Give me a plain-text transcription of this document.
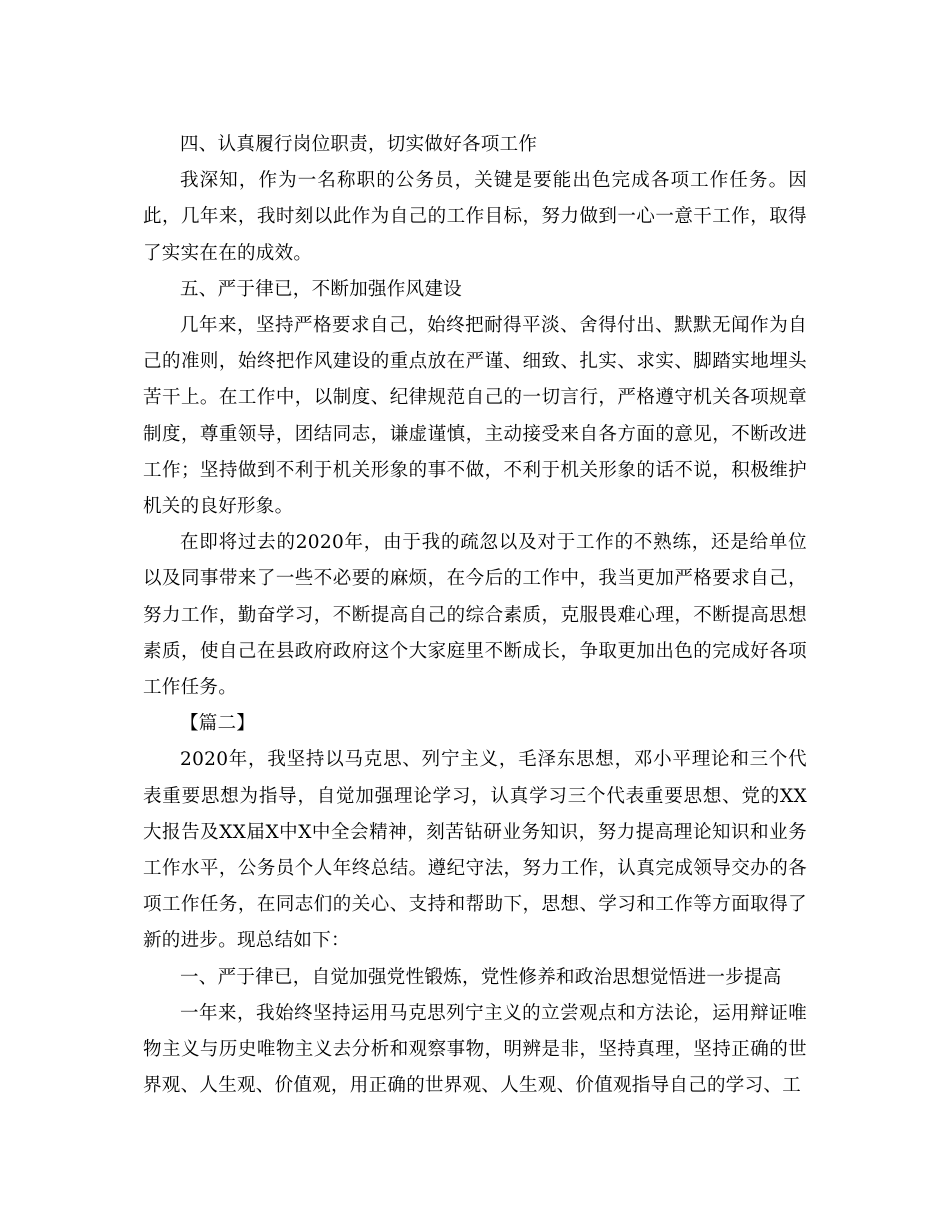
四、认真履行岗位职责，切实做好各项工作

我深知，作为一名称职的公务员，关键是要能出色完成各项工作任务。因此，几年来，我时刻以此作为自己的工作目标，努力做到一心一意干工作，取得了实实在在的成效。

五、严于律已，不断加强作风建设

几年来，坚持严格要求自己，始终把耐得平淡、舍得付出、默默无闻作为自己的准则，始终把作风建设的重点放在严谨、细致、扎实、求实、脚踏实地埋头苦干上。在工作中，以制度、纪律规范自己的一切言行，严格遵守机关各项规章制度，尊重领导，团结同志，谦虚谨慎，主动接受来自各方面的意见，不断改进工作；坚持做到不利于机关形象的事不做，不利于机关形象的话不说，积极维护机关的良好形象。

在即将过去的2020年，由于我的疏忽以及对于工作的不熟练，还是给单位以及同事带来了一些不必要的麻烦，在今后的工作中，我当更加严格要求自己，努力工作，勤奋学习，不断提高自己的综合素质，克服畏难心理，不断提高思想素质，使自己在县政府政府这个大家庭里不断成长，争取更加出色的完成好各项工作任务。

【篇二】

2020年，我坚持以马克思、列宁主义，毛泽东思想，邓小平理论和三个代表重要思想为指导，自觉加强理论学习，认真学习三个代表重要思想、党的XX大报告及XX届X中X中全会精神，刻苦钻研业务知识，努力提高理论知识和业务工作水平，公务员个人年终总结。遵纪守法，努力工作，认真完成领导交办的各项工作任务，在同志们的关心、支持和帮助下，思想、学习和工作等方面取得了新的进步。现总结如下：

一、严于律已，自觉加强党性锻炼，党性修养和政治思想觉悟进一步提高

一年来，我始终坚持运用马克思列宁主义的立尝观点和方法论，运用辩证唯物主义与历史唯物主义去分析和观察事物，明辨是非，坚持真理，坚持正确的世界观、人生观、价值观，用正确的世界观、人生观、价值观指导自己的学习、工
